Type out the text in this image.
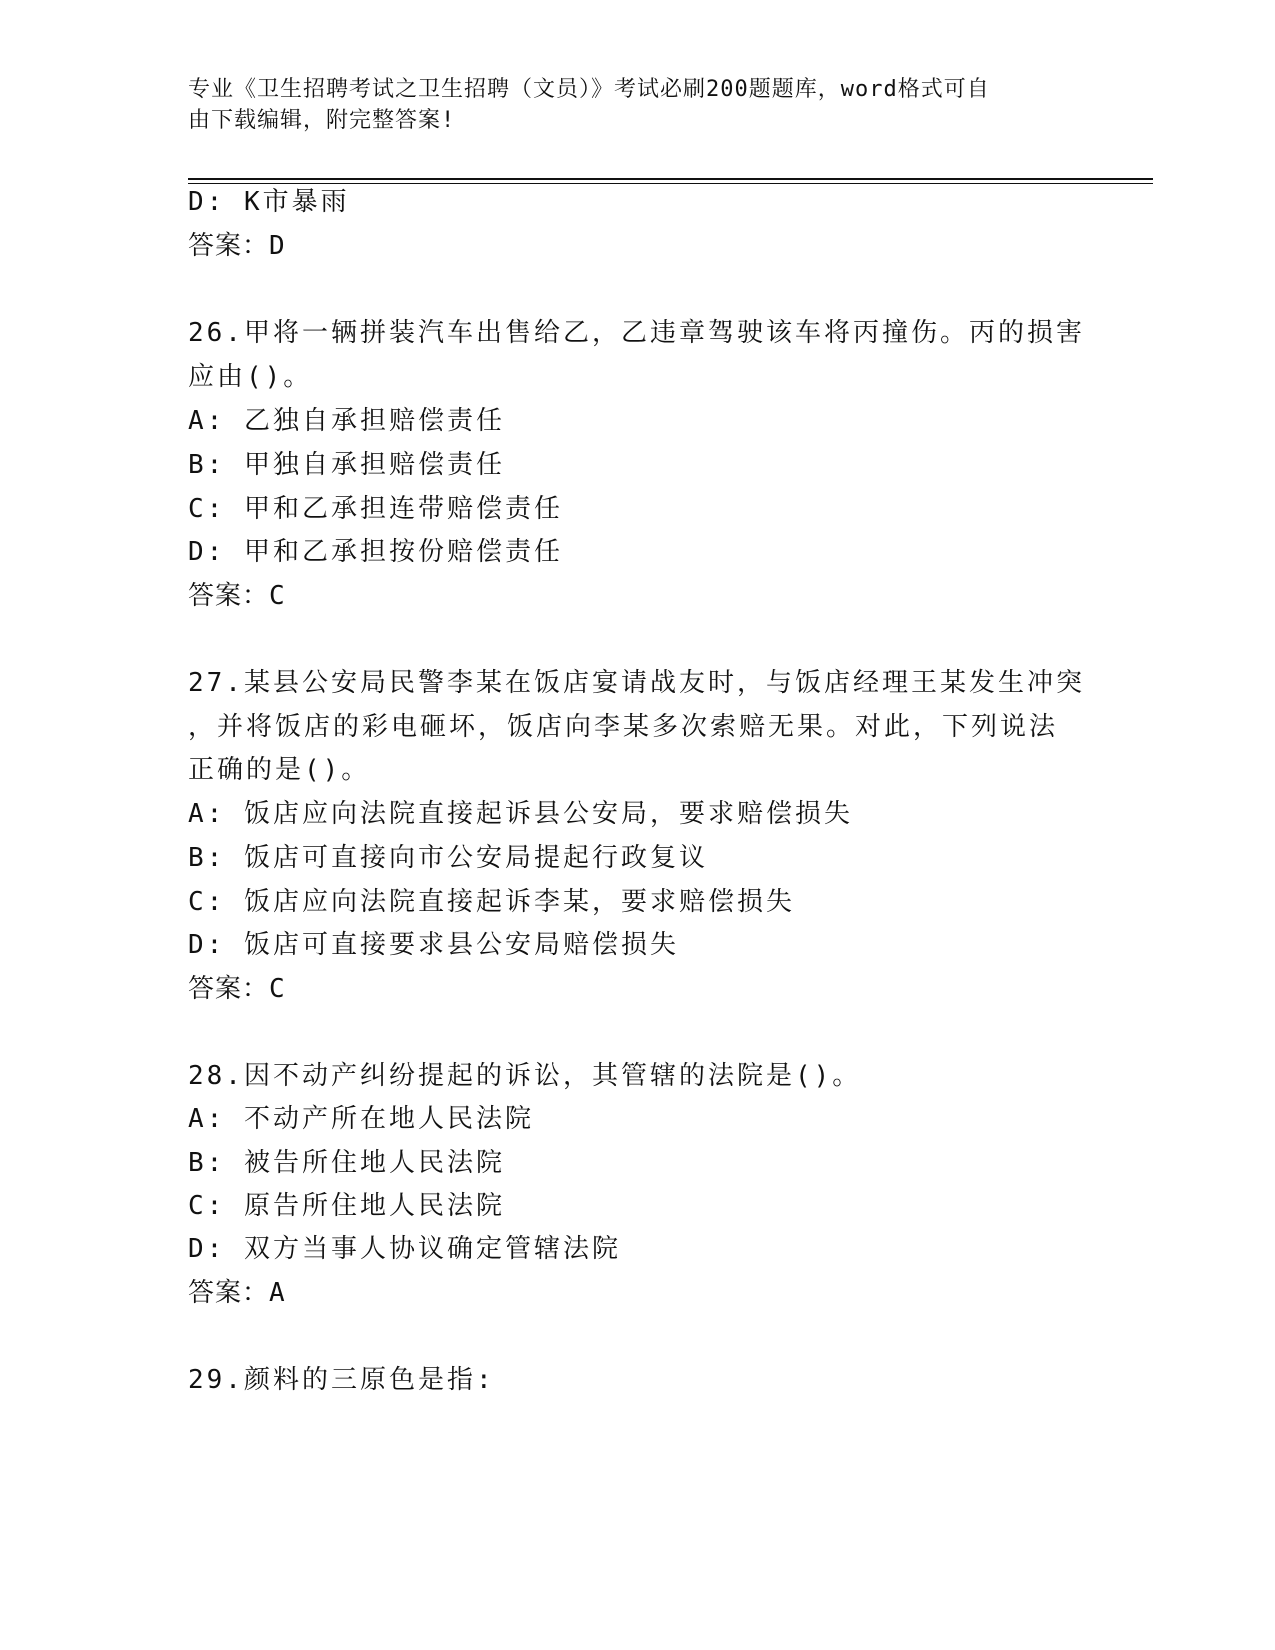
专业《卫生招聘考试之卫生招聘（文员）》考试必刷200题题库，word格式可自
由下载编辑，附完整答案!
D: K市暴雨
答案：D
26.甲将一辆拼装汽车出售给乙，乙违章驾驶该车将丙撞伤。丙的损害
应由()。
A: 乙独自承担赔偿责任
B: 甲独自承担赔偿责任
C: 甲和乙承担连带赔偿责任
D: 甲和乙承担按份赔偿责任
答案：C
27.某县公安局民警李某在饭店宴请战友时，与饭店经理王某发生冲突
，并将饭店的彩电砸坏，饭店向李某多次索赔无果。对此，下列说法
正确的是()。
A: 饭店应向法院直接起诉县公安局，要求赔偿损失
B: 饭店可直接向市公安局提起行政复议
C: 饭店应向法院直接起诉李某，要求赔偿损失
D: 饭店可直接要求县公安局赔偿损失
答案：C
28.因不动产纠纷提起的诉讼，其管辖的法院是()。
A: 不动产所在地人民法院
B: 被告所住地人民法院
C: 原告所住地人民法院
D: 双方当事人协议确定管辖法院
答案：A
29.颜料的三原色是指:
